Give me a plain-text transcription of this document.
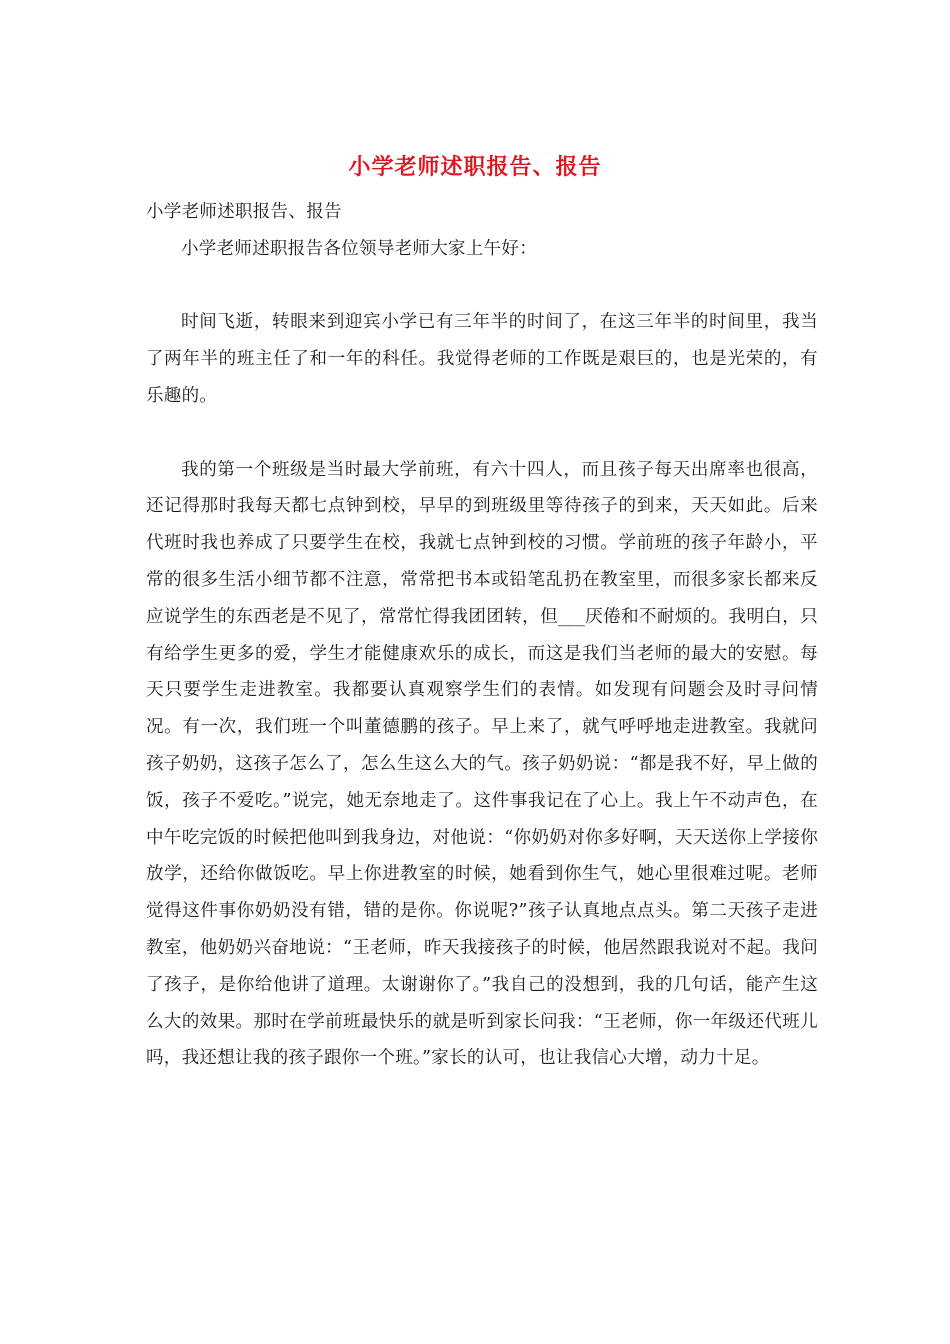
小学老师述职报告、报告

小学老师述职报告、报告

小学老师述职报告各位领导老师大家上午好：

时间飞逝，转眼来到迎宾小学已有三年半的时间了，在这三年半的时间里，我当了两年半的班主任了和一年的科任。我觉得老师的工作既是艰巨的，也是光荣的，有乐趣的。

我的第一个班级是当时最大学前班，有六十四人，而且孩子每天出席率也很高，还记得那时我每天都七点钟到校，早早的到班级里等待孩子的到来，天天如此。后来代班时我也养成了只要学生在校，我就七点钟到校的习惯。学前班的孩子年龄小，平常的很多生活小细节都不注意，常常把书本或铅笔乱扔在教室里，而很多家长都来反应说学生的东西老是不见了，常常忙得我团团转，但___厌倦和不耐烦的。我明白，只有给学生更多的爱，学生才能健康欢乐的成长，而这是我们当老师的最大的安慰。每天只要学生走进教室。我都要认真观察学生们的表情。如发现有问题会及时寻问情况。有一次，我们班一个叫董德鹏的孩子。早上来了，就气呼呼地走进教室。我就问孩子奶奶，这孩子怎么了，怎么生这么大的气。孩子奶奶说：“都是我不好，早上做的饭，孩子不爱吃。”说完，她无奈地走了。这件事我记在了心上。我上午不动声色，在中午吃完饭的时候把他叫到我身边，对他说：“你奶奶对你多好啊，天天送你上学接你放学，还给你做饭吃。早上你进教室的时候，她看到你生气，她心里很难过呢。老师觉得这件事你奶奶没有错，错的是你。你说呢?”孩子认真地点点头。第二天孩子走进教室，他奶奶兴奋地说：“王老师，昨天我接孩子的时候，他居然跟我说对不起。我问了孩子，是你给他讲了道理。太谢谢你了。”我自己的没想到，我的几句话，能产生这么大的效果。那时在学前班最快乐的就是听到家长问我：“王老师，你一年级还代班儿吗，我还想让我的孩子跟你一个班。”家长的认可，也让我信心大增，动力十足。
